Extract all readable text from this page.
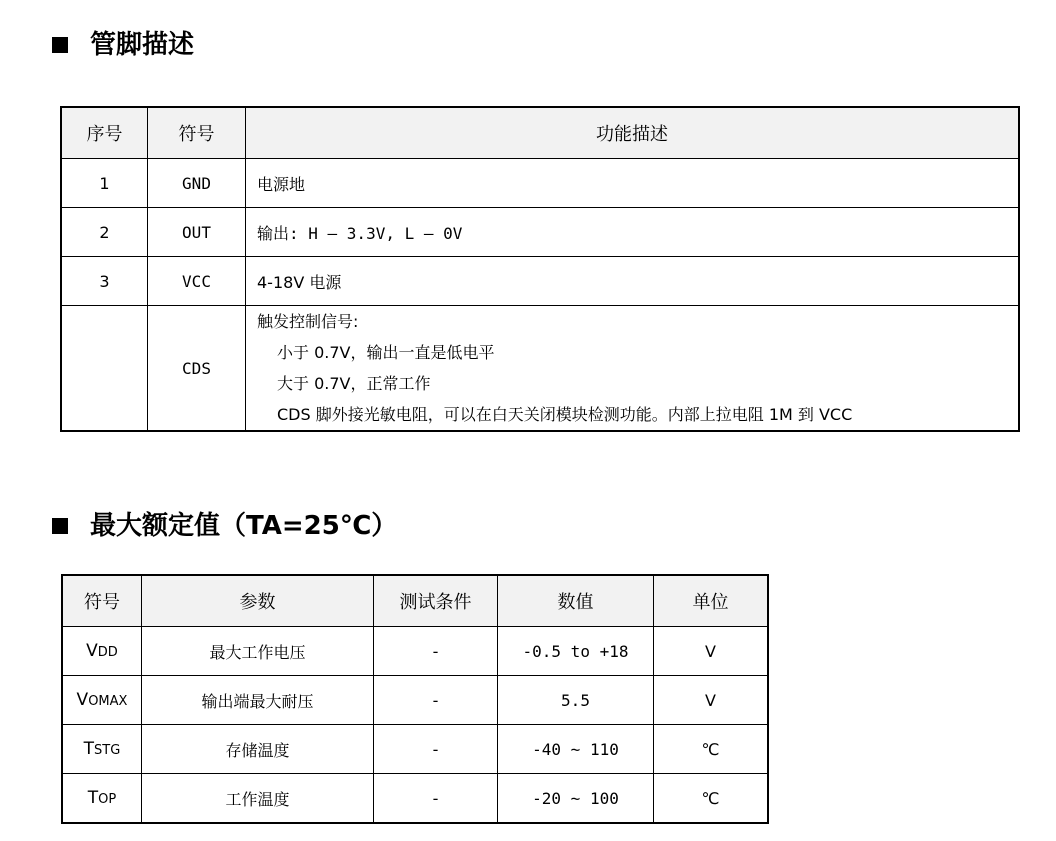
管脚描述
序号	符号	功能描述
1	GND	电源地
2	OUT	输出: H — 3.3V, L — 0V
3	VCC	4-18V 电源
	CDS	触发控制信号:
小于 0.7V，输出一直是低电平
大于 0.7V，正常工作
CDS 脚外接光敏电阻，可以在白天关闭模块检测功能。内部上拉电阻 1M 到 VCC
最大额定值（TA=25℃）
符号	参数	测试条件	数值	单位
VDD	最大工作电压	-	-0.5 to +18	V
VOMAX	输出端最大耐压	-	5.5	V
TSTG	存储温度	-	-40 ~ 110	℃
TOP	工作温度	-	-20 ~ 100	℃
